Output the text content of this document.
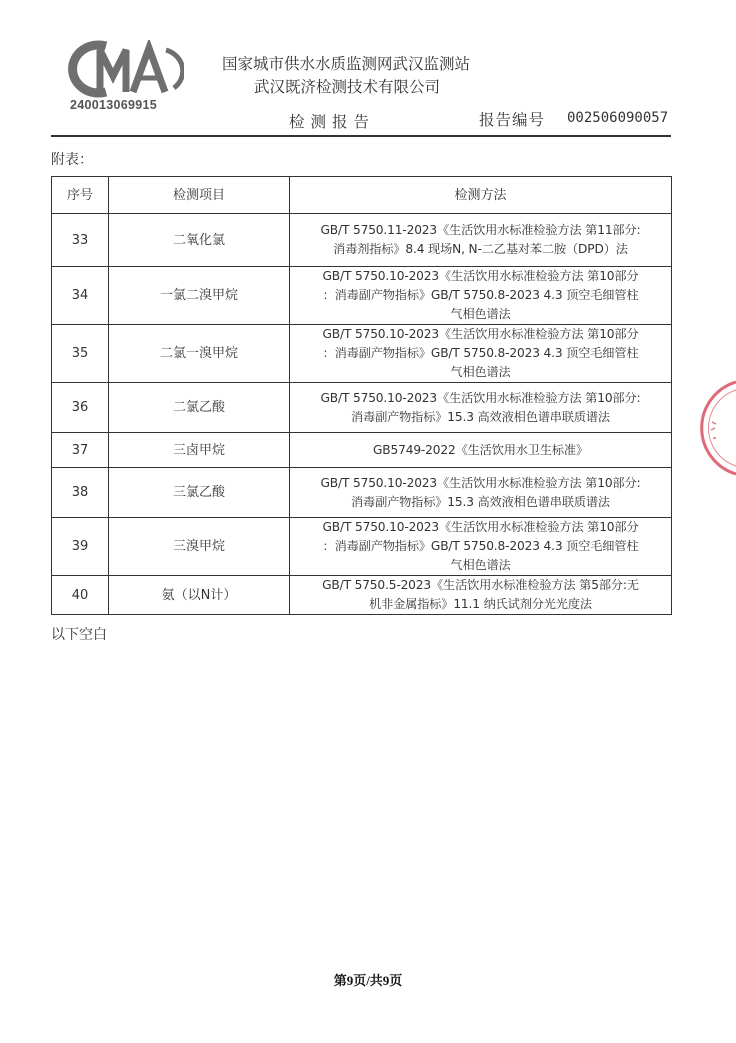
240013069915
国家城市供水水质监测网武汉监测站
武汉既济检测技术有限公司
检测报告	报告编号 002506090057
附表：
序号	检测项目	检测方法
33	二氧化氯	GB/T 5750.11-2023《生活饮用水标准检验方法 第11部分:
消毒剂指标》8.4 现场N, N-二乙基对苯二胺（DPD）法

34	一氯二溴甲烷	GB/T 5750.10-2023《生活饮用水标准检验方法 第10部分
：消毒副产物指标》GB/T 5750.8-2023 4.3 顶空毛细管柱
气相色谱法

35	二氯一溴甲烷	GB/T 5750.10-2023《生活饮用水标准检验方法 第10部分
：消毒副产物指标》GB/T 5750.8-2023 4.3 顶空毛细管柱
气相色谱法

36	二氯乙酸	GB/T 5750.10-2023《生活饮用水标准检验方法 第10部分:
消毒副产物指标》15.3 高效液相色谱串联质谱法

37	三卤甲烷	GB5749-2022《生活饮用水卫生标准》

38	三氯乙酸	GB/T 5750.10-2023《生活饮用水标准检验方法 第10部分:
消毒副产物指标》15.3 高效液相色谱串联质谱法

39	三溴甲烷	GB/T 5750.10-2023《生活饮用水标准检验方法 第10部分
：消毒副产物指标》GB/T 5750.8-2023 4.3 顶空毛细管柱
气相色谱法

40	氨（以N计）	GB/T 5750.5-2023《生活饮用水标准检验方法 第5部分:无
机非金属指标》11.1 纳氏试剂分光光度法
以下空白
第9页/共9页
